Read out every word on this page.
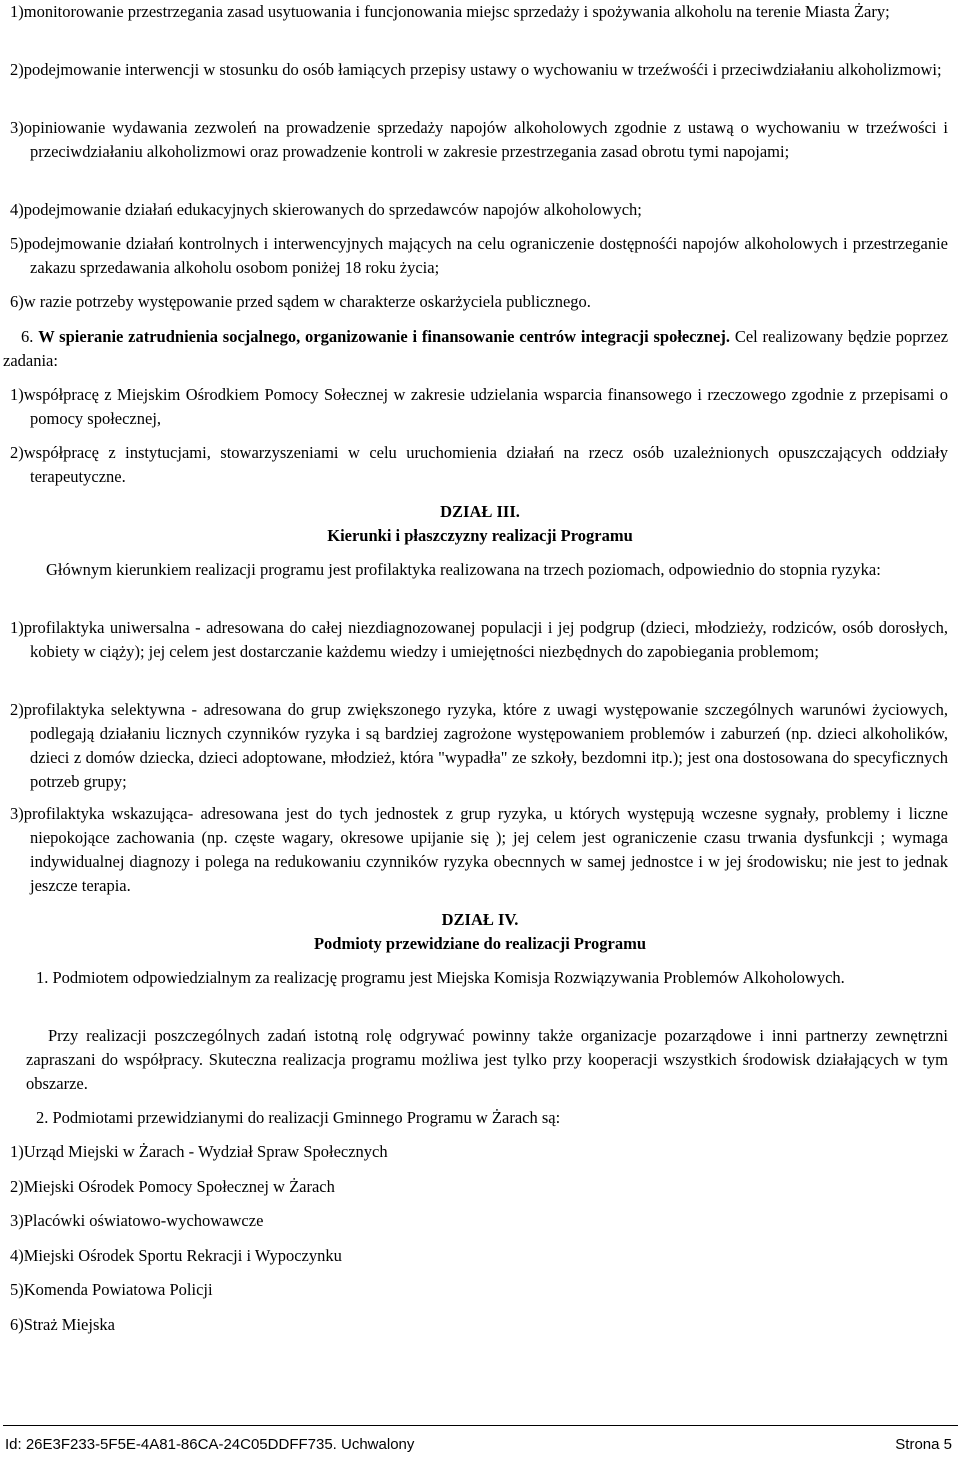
1)monitorowanie przestrzegania zasad usytuowania i funcjonowania miejsc sprzedaży i spożywania alkoholu na terenie Miasta Żary;

2)podejmowanie interwencji w stosunku do osób łamiących przepisy ustawy o wychowaniu w trzeźwośći i przeciwdziałaniu alkoholizmowi;

3)opiniowanie wydawania zezwoleń na prowadzenie sprzedaży napojów alkoholowych zgodnie z ustawą o wychowaniu w trzeźwości i przeciwdziałaniu alkoholizmowi oraz prowadzenie kontroli w zakresie przestrzegania zasad obrotu tymi napojami;

4)podejmowanie działań edukacyjnych skierowanych do sprzedawców napojów alkoholowych;

5)podejmowanie działań kontrolnych i interwencyjnych mających na celu ograniczenie dostępnośći napojów alkoholowych i przestrzeganie zakazu sprzedawania alkoholu osobom poniżej 18 roku życia;

6)w razie potrzeby występowanie przed sądem w charakterze oskarżyciela publicznego.

6. W spieranie zatrudnienia socjalnego, organizowanie i finansowanie centrów integracji społecznej. Cel realizowany będzie poprzez zadania:

1)współpracę z Miejskim Ośrodkiem Pomocy Sołecznej w zakresie udzielania wsparcia finansowego i rzeczowego zgodnie z przepisami o pomocy społecznej,

2)współpracę z instytucjami, stowarzyszeniami w celu uruchomienia działań na rzecz osób uzależnionych opuszczających oddziały terapeutyczne.

DZIAŁ III.

Kierunki i płaszczyzny realizacji Programu

Głównym kierunkiem realizacji programu jest profilaktyka realizowana na trzech poziomach, odpowiednio do stopnia ryzyka:

1)profilaktyka uniwersalna - adresowana do całej niezdiagnozowanej populacji i jej podgrup (dzieci, młodzieży, rodziców, osób dorosłych, kobiety w ciąży); jej celem jest dostarczanie każdemu wiedzy i umiejętności niezbędnych do zapobiegania problemom;

2)profilaktyka selektywna - adresowana do grup zwiększonego ryzyka, które z uwagi występowanie szczególnych warunówi życiowych, podlegają działaniu licznych czynników ryzyka i są bardziej zagrożone występowaniem problemów i zaburzeń (np. dzieci alkoholików, dzieci z domów dziecka, dzieci adoptowane, młodzież, która "wypadła" ze szkoły, bezdomni itp.); jest ona dostosowana do specyficznych potrzeb grupy;

3)profilaktyka wskazująca- adresowana jest do tych jednostek z grup ryzyka, u których występują wczesne sygnały, problemy i liczne niepokojące zachowania (np. częste wagary, okresowe upijanie się ); jej celem jest ograniczenie czasu trwania dysfunkcji ; wymaga indywidualnej diagnozy i polega na redukowaniu czynników ryzyka obecnnych w samej jednostce i w jej środowisku; nie jest to jednak jeszcze terapia.

DZIAŁ IV.

Podmioty przewidziane do realizacji Programu

1. Podmiotem odpowiedzialnym za realizację programu jest Miejska Komisja Rozwiązywania Problemów Alkoholowych.

Przy realizacji poszczególnych zadań istotną rolę odgrywać powinny także organizacje pozarządowe i inni partnerzy zewnętrzni zapraszani do współpracy. Skuteczna realizacja programu możliwa jest tylko przy kooperacji wszystkich środowisk działających w tym obszarze.

2. Podmiotami przewidzianymi do realizacji Gminnego Programu w Żarach są:

1)Urząd Miejski w Żarach - Wydział Spraw Społecznych

2)Miejski Ośrodek Pomocy Społecznej w Żarach

3)Placówki oświatowo-wychowawcze

4)Miejski Ośrodek Sportu Rekracji i Wypoczynku

5)Komenda Powiatowa Policji

6)Straż Miejska

Id: 26E3F233-5F5E-4A81-86CA-24C05DDFF735. Uchwalony	Strona 5
